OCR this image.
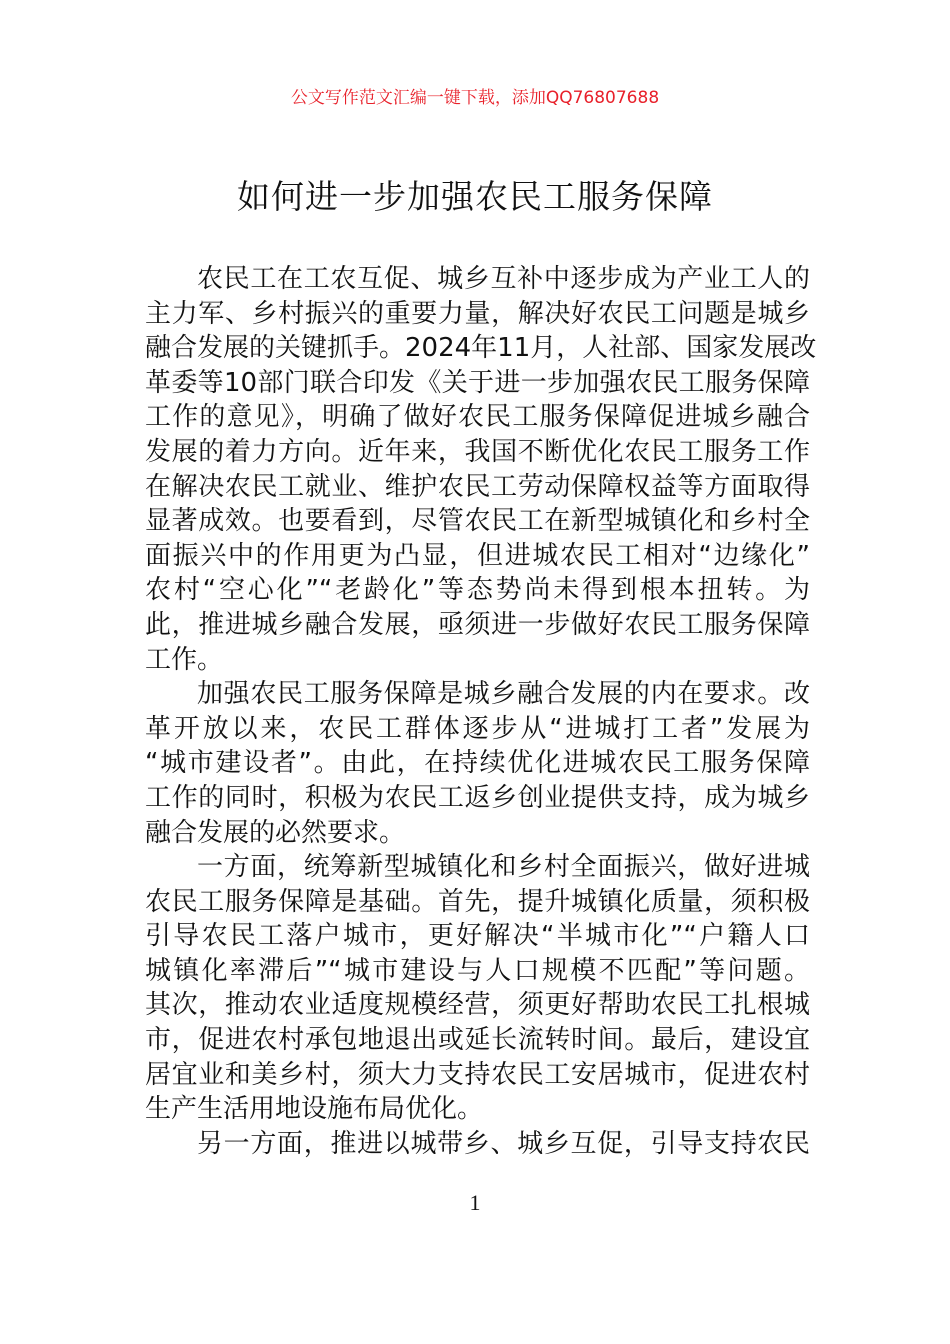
公文写作范文汇编一键下载，添加QQ76807688
如何进一步加强农民工服务保障
农民工在工农互促、城乡互补中逐步成为产业工人的
主力军、乡村振兴的重要力量，解决好农民工问题是城乡
融合发展的关键抓手。2024年11月，人社部、国家发展改
革委等10部门联合印发《关于进一步加强农民工服务保障
工作的意见》，明确了做好农民工服务保障促进城乡融合
发展的着力方向。近年来，我国不断优化农民工服务工作
在解决农民工就业、维护农民工劳动保障权益等方面取得
显著成效。也要看到，尽管农民工在新型城镇化和乡村全
面振兴中的作用更为凸显，但进城农民工相对“边缘化”
农村“空心化”“老龄化”等态势尚未得到根本扭转。为
此，推进城乡融合发展，亟须进一步做好农民工服务保障
工作。
加强农民工服务保障是城乡融合发展的内在要求。改
革开放以来，农民工群体逐步从“进城打工者”发展为
“城市建设者”。由此，在持续优化进城农民工服务保障
工作的同时，积极为农民工返乡创业提供支持，成为城乡
融合发展的必然要求。
一方面，统筹新型城镇化和乡村全面振兴，做好进城
农民工服务保障是基础。首先，提升城镇化质量，须积极
引导农民工落户城市，更好解决“半城市化”“户籍人口
城镇化率滞后”“城市建设与人口规模不匹配”等问题。
其次，推动农业适度规模经营，须更好帮助农民工扎根城
市，促进农村承包地退出或延长流转时间。最后，建设宜
居宜业和美乡村，须大力支持农民工安居城市，促进农村
生产生活用地设施布局优化。
另一方面，推进以城带乡、城乡互促，引导支持农民
1
